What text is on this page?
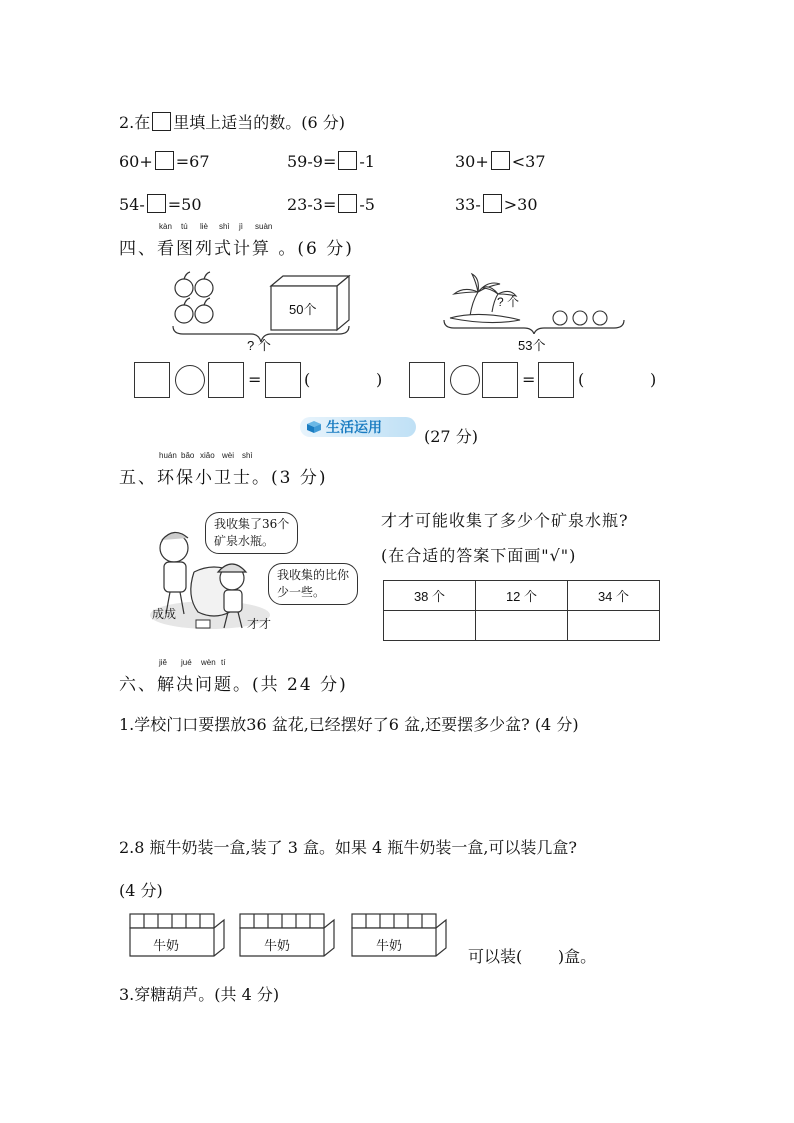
2.在 里填上适当的数。(6 分)
60+ =67	59-9= -1	30+ <37
54- =50	23-3= -5	33- >30
kàn tú liè shì jì suàn
四、看图列式计算 。(6 分)
50个
? 个
? 个
53个
=	(	)	=	(	)
生活运用	(27 分)
huán bǎo xiǎo wèi shì
五、环保小卫士。(3 分)
我收集了36个
矿泉水瓶。
我收集的比你
少一些。
成成
才才
才才可能收集了多少个矿泉水瓶?
(在合适的答案下面画"√")
38 个	12 个	34 个

jiě jué wèn tí
六、解决问题。(共 24 分)
1.学校门口要摆放36 盆花,已经摆好了6 盆,还要摆多少盆? (4 分)
2.8 瓶牛奶装一盒,装了 3 盒。如果 4 瓶牛奶装一盒,可以装几盒?
(4 分)
牛奶	牛奶	牛奶
可以装(       )盒。
3.穿糖葫芦。(共 4 分)
